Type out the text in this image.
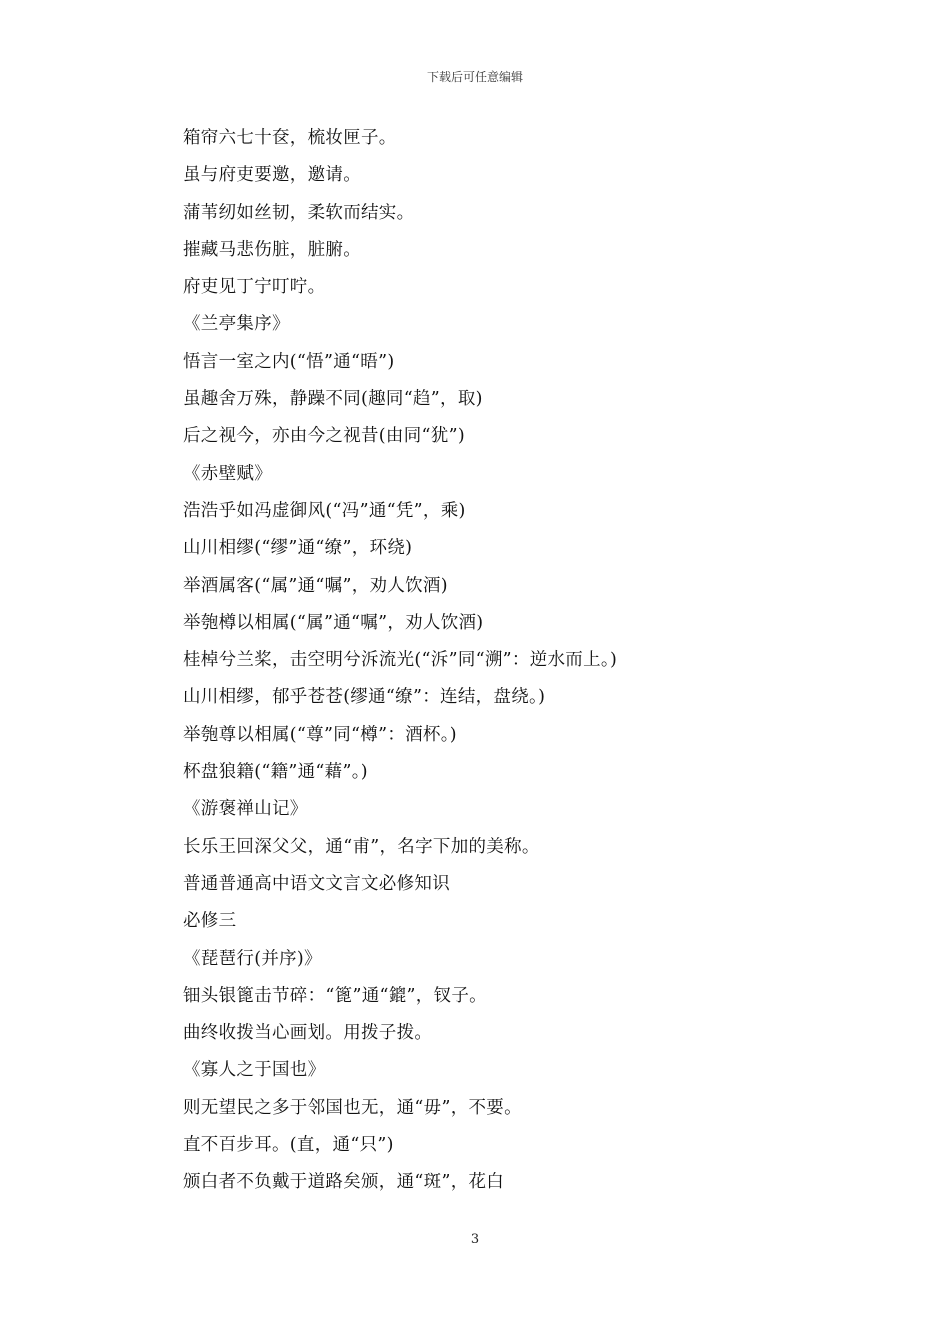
下载后可任意编辑
箱帘六七十奁，梳妆匣子。
虽与府吏要邀，邀请。
蒲苇纫如丝韧，柔软而结实。
摧藏马悲伤脏，脏腑。
府吏见丁宁叮咛。
《兰亭集序》
悟言一室之内(“悟”通“晤”)
虽趣舍万殊，静躁不同(趣同“趋”，取)
后之视今，亦由今之视昔(由同“犹”)
《赤壁赋》
浩浩乎如冯虚御风(“冯”通“凭”，乘)
山川相缪(“缪”通“缭”，环绕)
举酒属客(“属”通“嘱”，劝人饮酒)
举匏樽以相属(“属”通“嘱”，劝人饮酒)
桂棹兮兰桨，击空明兮泝流光(“泝”同“溯”：逆水而上。)
山川相缪，郁乎苍苍(缪通“缭”：连结，盘绕。)
举匏尊以相属(“尊”同“樽”：酒杯。)
杯盘狼籍(“籍”通“藉”。)
《游褒禅山记》
长乐王回深父父，通“甫”，名字下加的美称。
普通普通高中语文文言文必修知识
必修三
《琵琶行(并序)》
钿头银篦击节碎：“篦”通“鎞”，钗子。
曲终收拨当心画划。用拨子拨。
《寡人之于国也》
则无望民之多于邻国也无，通“毋”，不要。
直不百步耳。(直，通“只”)
颁白者不负戴于道路矣颁，通“斑”，花白
3
